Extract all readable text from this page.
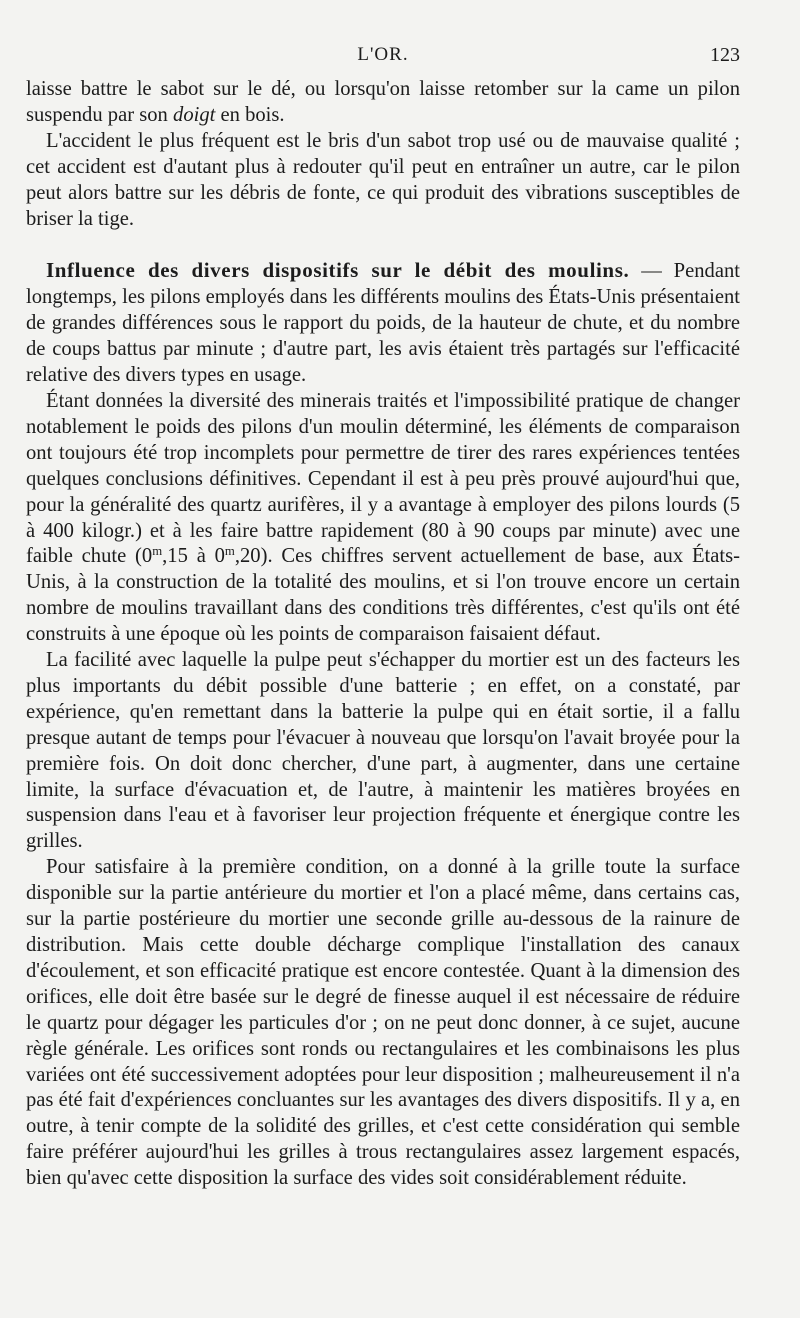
L'OR.	123

laisse battre le sabot sur le dé, ou lorsqu'on laisse retomber sur la came un pilon suspendu par son doigt en bois.

L'accident le plus fréquent est le bris d'un sabot trop usé ou de mauvaise qualité ; cet accident est d'autant plus à redouter qu'il peut en entraîner un autre, car le pilon peut alors battre sur les débris de fonte, ce qui produit des vibrations susceptibles de briser la tige.

Influence des divers dispositifs sur le débit des moulins. — Pendant longtemps, les pilons employés dans les différents moulins des États-Unis présentaient de grandes différences sous le rapport du poids, de la hauteur de chute, et du nombre de coups battus par minute ; d'autre part, les avis étaient très partagés sur l'efficacité relative des divers types en usage.

Étant données la diversité des minerais traités et l'impossibilité pratique de changer notablement le poids des pilons d'un moulin déterminé, les éléments de comparaison ont toujours été trop incomplets pour permettre de tirer des rares expériences tentées quelques conclusions définitives. Cependant il est à peu près prouvé aujourd'hui que, pour la généralité des quartz aurifères, il y a avantage à employer des pilons lourds (5 à 400 kilogr.) et à les faire battre rapidement (80 à 90 coups par minute) avec une faible chute (0$^m$,15 à 0$^m$,20). Ces chiffres servent actuellement de base, aux États-Unis, à la construction de la totalité des moulins, et si l'on trouve encore un certain nombre de moulins travaillant dans des conditions très différentes, c'est qu'ils ont été construits à une époque où les points de comparaison faisaient défaut.

La facilité avec laquelle la pulpe peut s'échapper du mortier est un des facteurs les plus importants du débit possible d'une batterie ; en effet, on a constaté, par expérience, qu'en remettant dans la batterie la pulpe qui en était sortie, il a fallu presque autant de temps pour l'évacuer à nouveau que lorsqu'on l'avait broyée pour la première fois. On doit donc chercher, d'une part, à augmenter, dans une certaine limite, la surface d'évacuation et, de l'autre, à maintenir les matières broyées en suspension dans l'eau et à favoriser leur projection fréquente et énergique contre les grilles.

Pour satisfaire à la première condition, on a donné à la grille toute la surface disponible sur la partie antérieure du mortier et l'on a placé même, dans certains cas, sur la partie postérieure du mortier une seconde grille au-dessous de la rainure de distribution. Mais cette double décharge complique l'installation des canaux d'écoulement, et son efficacité pratique est encore contestée. Quant à la dimension des orifices, elle doit être basée sur le degré de finesse auquel il est nécessaire de réduire le quartz pour dégager les particules d'or ; on ne peut donc donner, à ce sujet, aucune règle générale. Les orifices sont ronds ou rectangulaires et les combinaisons les plus variées ont été successivement adoptées pour leur disposition ; malheureusement il n'a pas été fait d'expériences concluantes sur les avantages des divers dispositifs. Il y a, en outre, à tenir compte de la solidité des grilles, et c'est cette considération qui semble faire préférer aujourd'hui les grilles à trous rectangulaires assez largement espacés, bien qu'avec cette disposition la surface des vides soit considérablement réduite.
